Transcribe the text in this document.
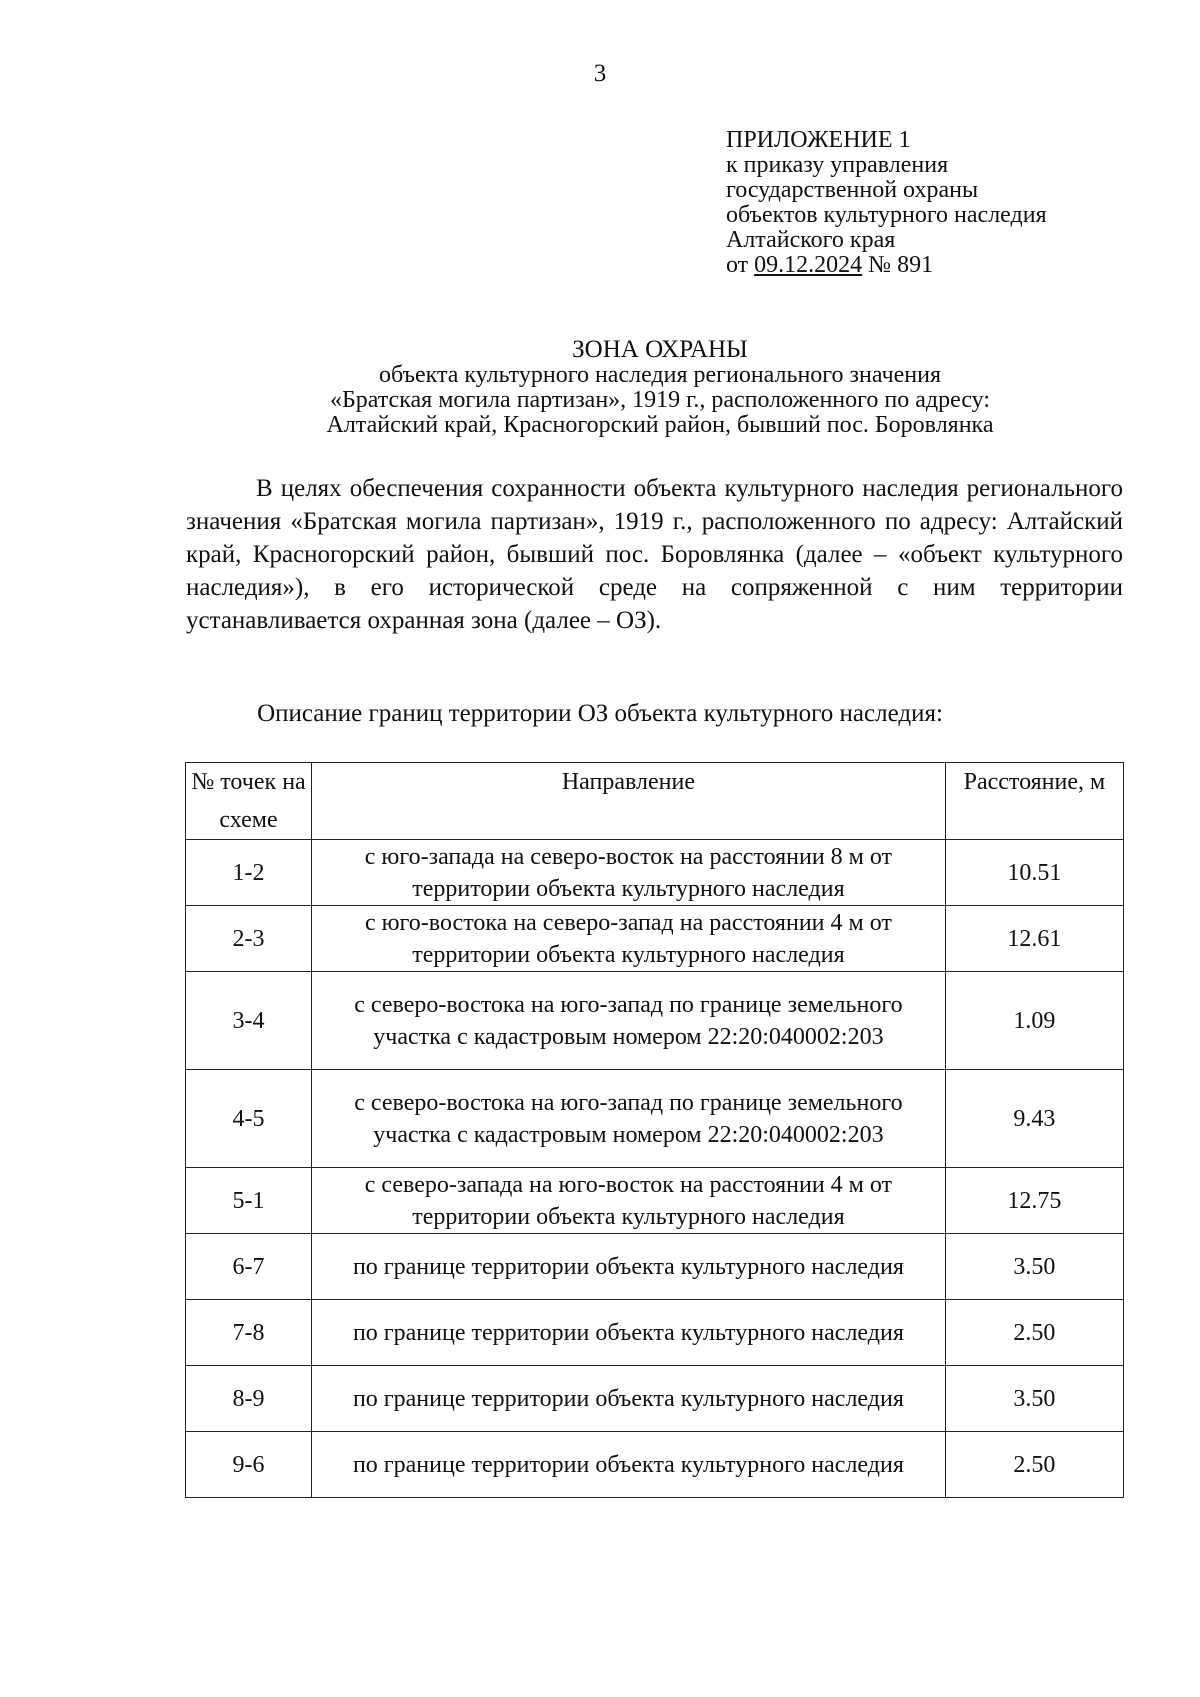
3
ПРИЛОЖЕНИЕ 1
к приказу управления
государственной охраны
объектов культурного наследия
Алтайского края
от 09.12.2024 № 891
ЗОНА ОХРАНЫ
объекта культурного наследия регионального значения
«Братская могила партизан», 1919 г., расположенного по адресу:
Алтайский край, Красногорский район, бывший пос. Боровлянка

В целях обеспечения сохранности объекта культурного наследия регионального значения «Братская могила партизан», 1919 г., расположенного по адресу: Алтайский край, Красногорский район, бывший пос. Боровлянка (далее – «объект культурного наследия»), в его исторической среде на сопряженной с ним территории устанавливается охранная зона (далее – ОЗ).

Описание границ территории ОЗ объекта культурного наследия:
№ точек на схеме	Направление	Расстояние, м
1-2	с юго-запада на северо-восток на расстоянии 8 м от территории объекта культурного наследия	10.51
2-3	с юго-востока на северо-запад на расстоянии 4 м от территории объекта культурного наследия	12.61
3-4	с северо-востока на юго-запад по границе земельного участка с кадастровым номером 22:20:040002:203	1.09
4-5	с северо-востока на юго-запад по границе земельного участка с кадастровым номером 22:20:040002:203	9.43
5-1	с северо-запада на юго-восток на расстоянии 4 м от территории объекта культурного наследия	12.75
6-7	по границе территории объекта культурного наследия	3.50
7-8	по границе территории объекта культурного наследия	2.50
8-9	по границе территории объекта культурного наследия	3.50
9-6	по границе территории объекта культурного наследия	2.50
